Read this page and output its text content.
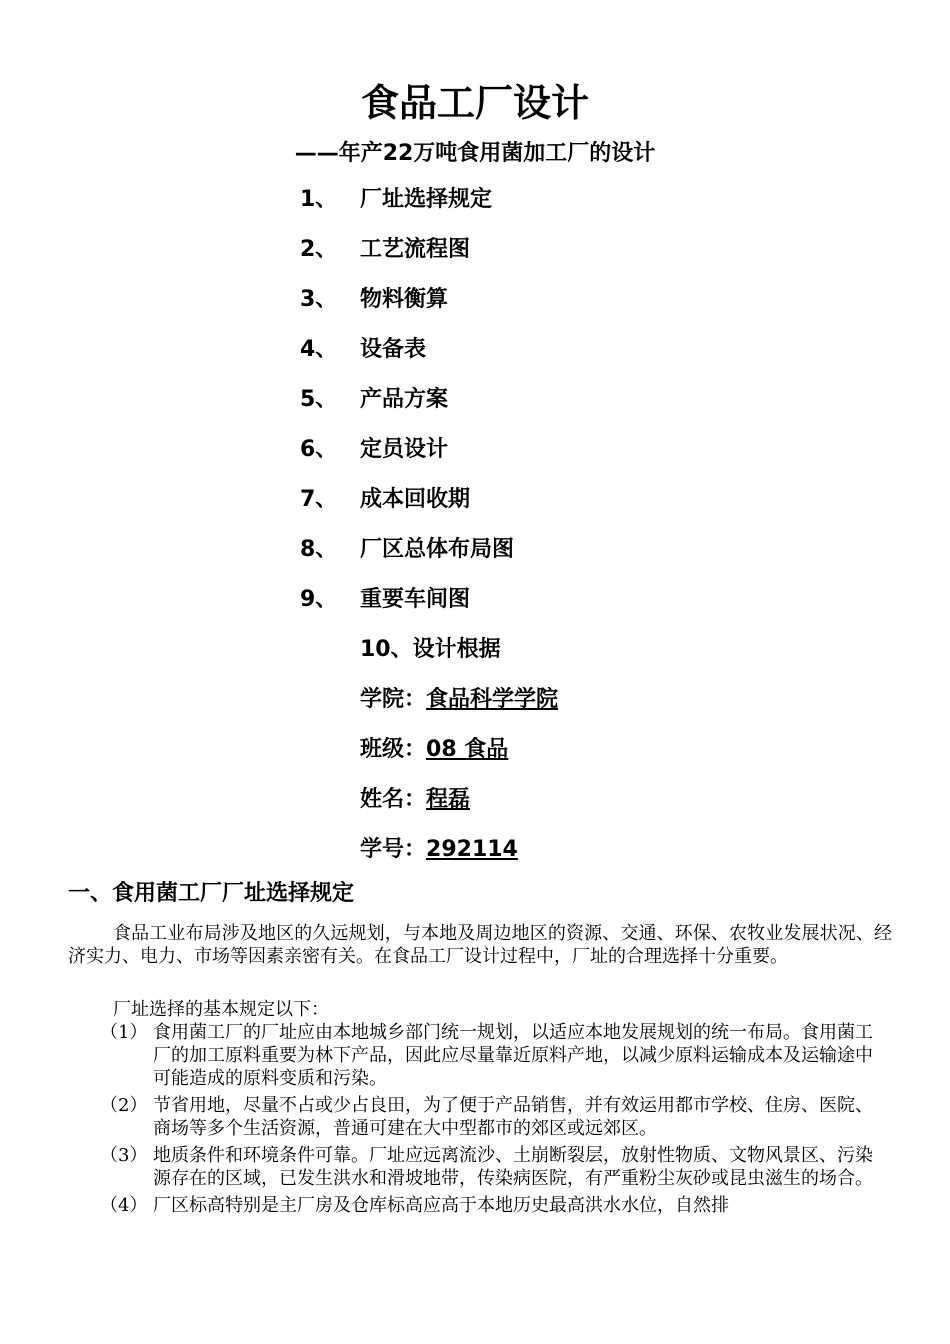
食品工厂设计
——年产22万吨食用菌加工厂的设计
1、 厂址选择规定
2、 工艺流程图
3、 物料衡算
4、 设备表
5、 产品方案
6、 定员设计
7、 成本回收期
8、 厂区总体布局图
9、 重要车间图
10、设计根据
学院：食品科学学院
班级：08 食品
姓名：程磊
学号：292114
一、食用菌工厂厂址选择规定
食品工业布局涉及地区的久远规划，与本地及周边地区的资源、交通、环保、农牧业发展状况、经济实力、电力、市场等因素亲密有关。在食品工厂设计过程中，厂址的合理选择十分重要。
厂址选择的基本规定以下：
（1） 食用菌工厂的厂址应由本地城乡部门统一规划，以适应本地发展规划的统一布局。食用菌工厂的加工原料重要为林下产品，因此应尽量靠近原料产地，以减少原料运输成本及运输途中可能造成的原料变质和污染。
（2） 节省用地，尽量不占或少占良田，为了便于产品销售，并有效运用都市学校、住房、医院、商场等多个生活资源，普通可建在大中型都市的郊区或远郊区。
（3） 地质条件和环境条件可靠。厂址应远离流沙、土崩断裂层，放射性物质、文物风景区、污染源存在的区域，已发生洪水和滑坡地带，传染病医院，有严重粉尘灰砂或昆虫滋生的场合。
（4） 厂区标高特别是主厂房及仓库标高应高于本地历史最高洪水水位，自然排
